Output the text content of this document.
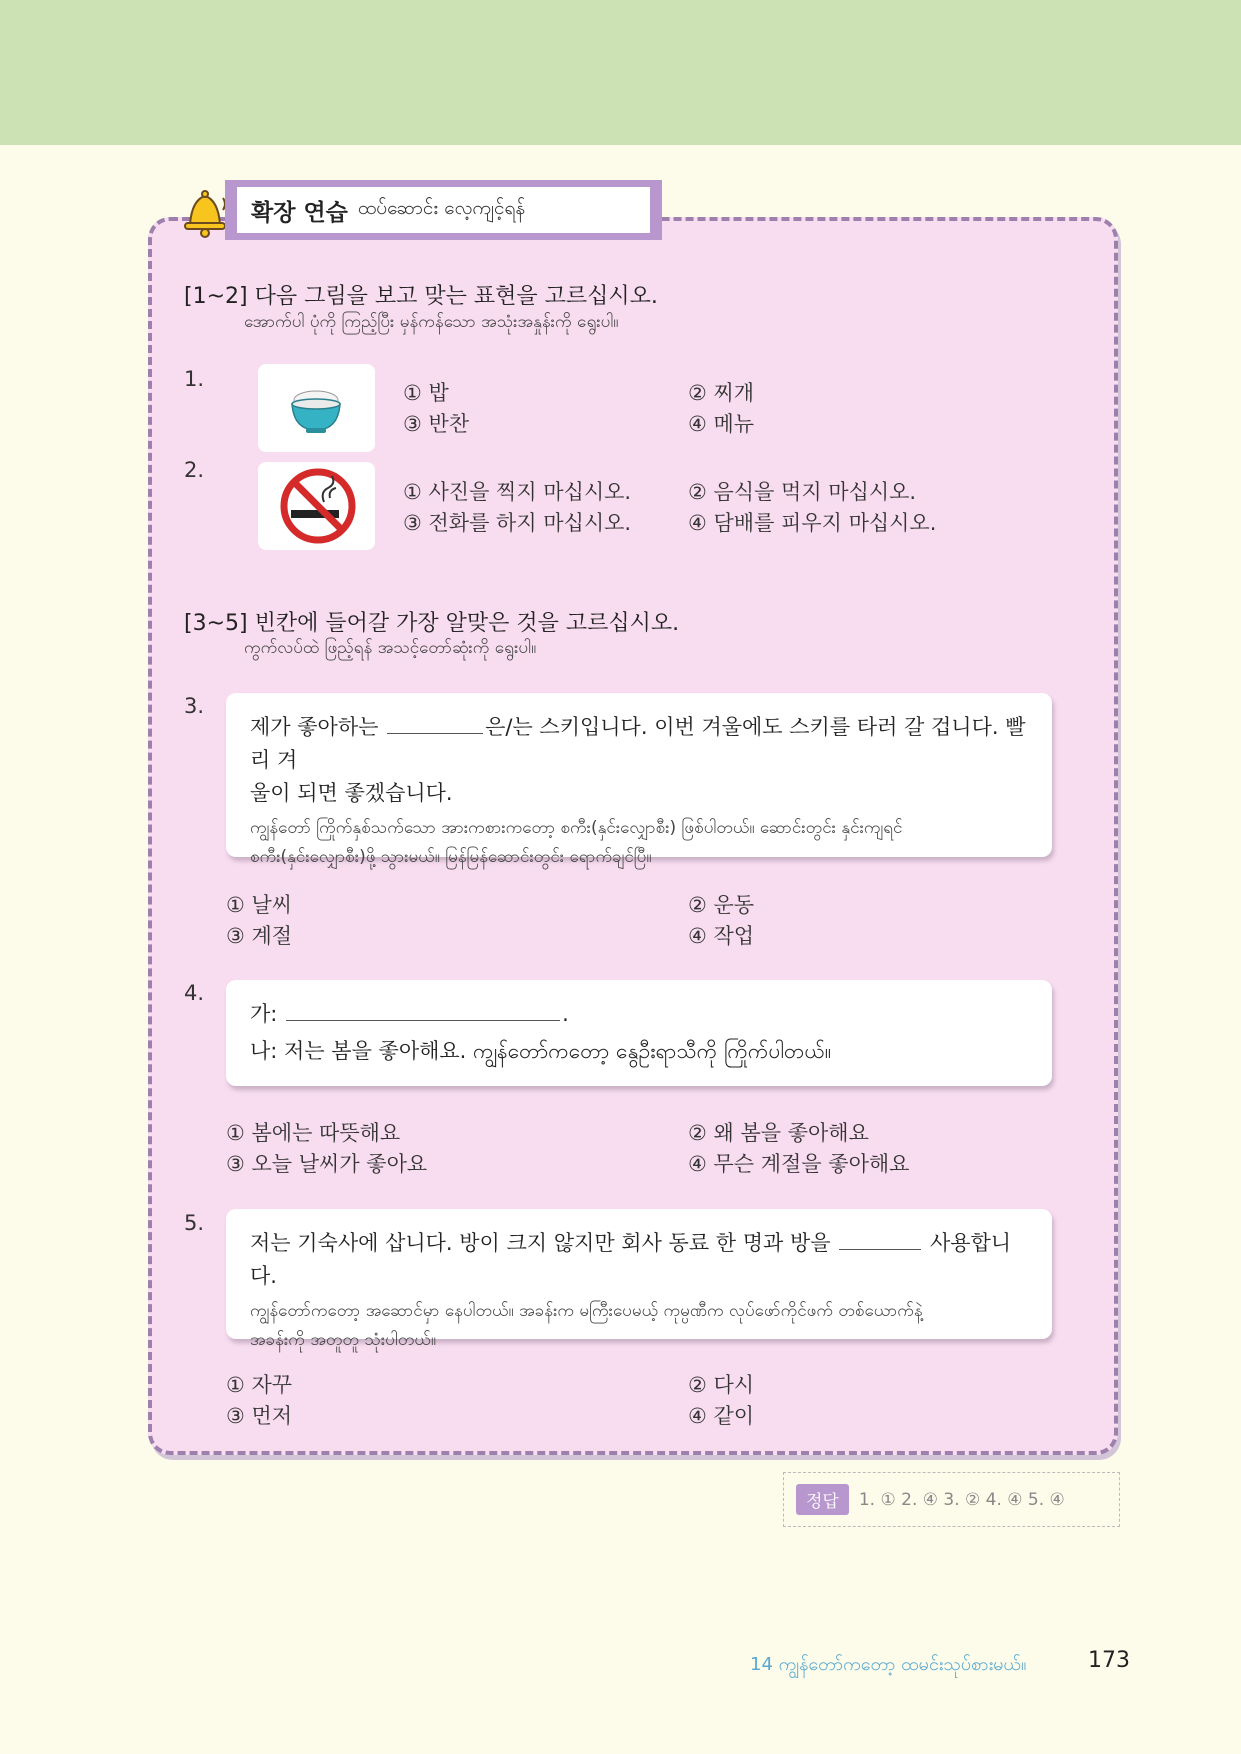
확장 연습 ထပ်ဆောင်း လေ့ကျင့်ရန်
[1~2] 다음 그림을 보고 맞는 표현을 고르십시오.
အောက်ပါ ပုံကို ကြည့်ပြီး မှန်ကန်သော အသုံးအနှုန်းကို ရွေးပါ။
1.
① 밥	② 찌개
③ 반찬	④ 메뉴
2.
① 사진을 찍지 마십시오.	② 음식을 먹지 마십시오.
③ 전화를 하지 마십시오.	④ 담배를 피우지 마십시오.
[3~5] 빈칸에 들어갈 가장 알맞은 것을 고르십시오.
ကွက်လပ်ထဲ ဖြည့်ရန် အသင့်တော်ဆုံးကို ရွေးပါ။
3.
제가 좋아하는	은/는 스키입니다. 이번 겨울에도 스키를 타러 갈 겁니다. 빨리 겨
울이 되면 좋겠습니다.
ကျွန်တော် ကြိုက်နှစ်သက်သော အားကစားကတော့ စကီး(နှင်းလျှောစီး) ဖြစ်ပါတယ်။ ဆောင်းတွင်း နှင်းကျရင်
စကီး(နှင်းလျှောစီး)ဖို့ သွားမယ်။ မြန်မြန်ဆောင်းတွင်း ရောက်ချင်ပြီ။
① 날씨	② 운동
③ 계절	④ 작업
4.
가:	.
나: 저는 봄을 좋아해요. ကျွန်တော်ကတော့ နွေဦးရာသီကို ကြိုက်ပါတယ်။
① 봄에는 따뜻해요	② 왜 봄을 좋아해요
③ 오늘 날씨가 좋아요	④ 무슨 계절을 좋아해요
5.
저는 기숙사에 삽니다. 방이 크지 않지만 회사 동료 한 명과 방을	사용합니다.
ကျွန်တော်ကတော့ အဆောင်မှာ နေပါတယ်။ အခန်းက မကြီးပေမယ့် ကုမ္ပဏီက လုပ်ဖော်ကိုင်ဖက် တစ်ယောက်နဲ့
အခန်းကို အတူတူ သုံးပါတယ်။
① 자꾸	② 다시
③ 먼저	④ 같이
정답	1. ① 2. ④ 3. ② 4. ④ 5. ④
14 ကျွန်တော်ကတော့ ထမင်းသုပ်စားမယ်။	173
